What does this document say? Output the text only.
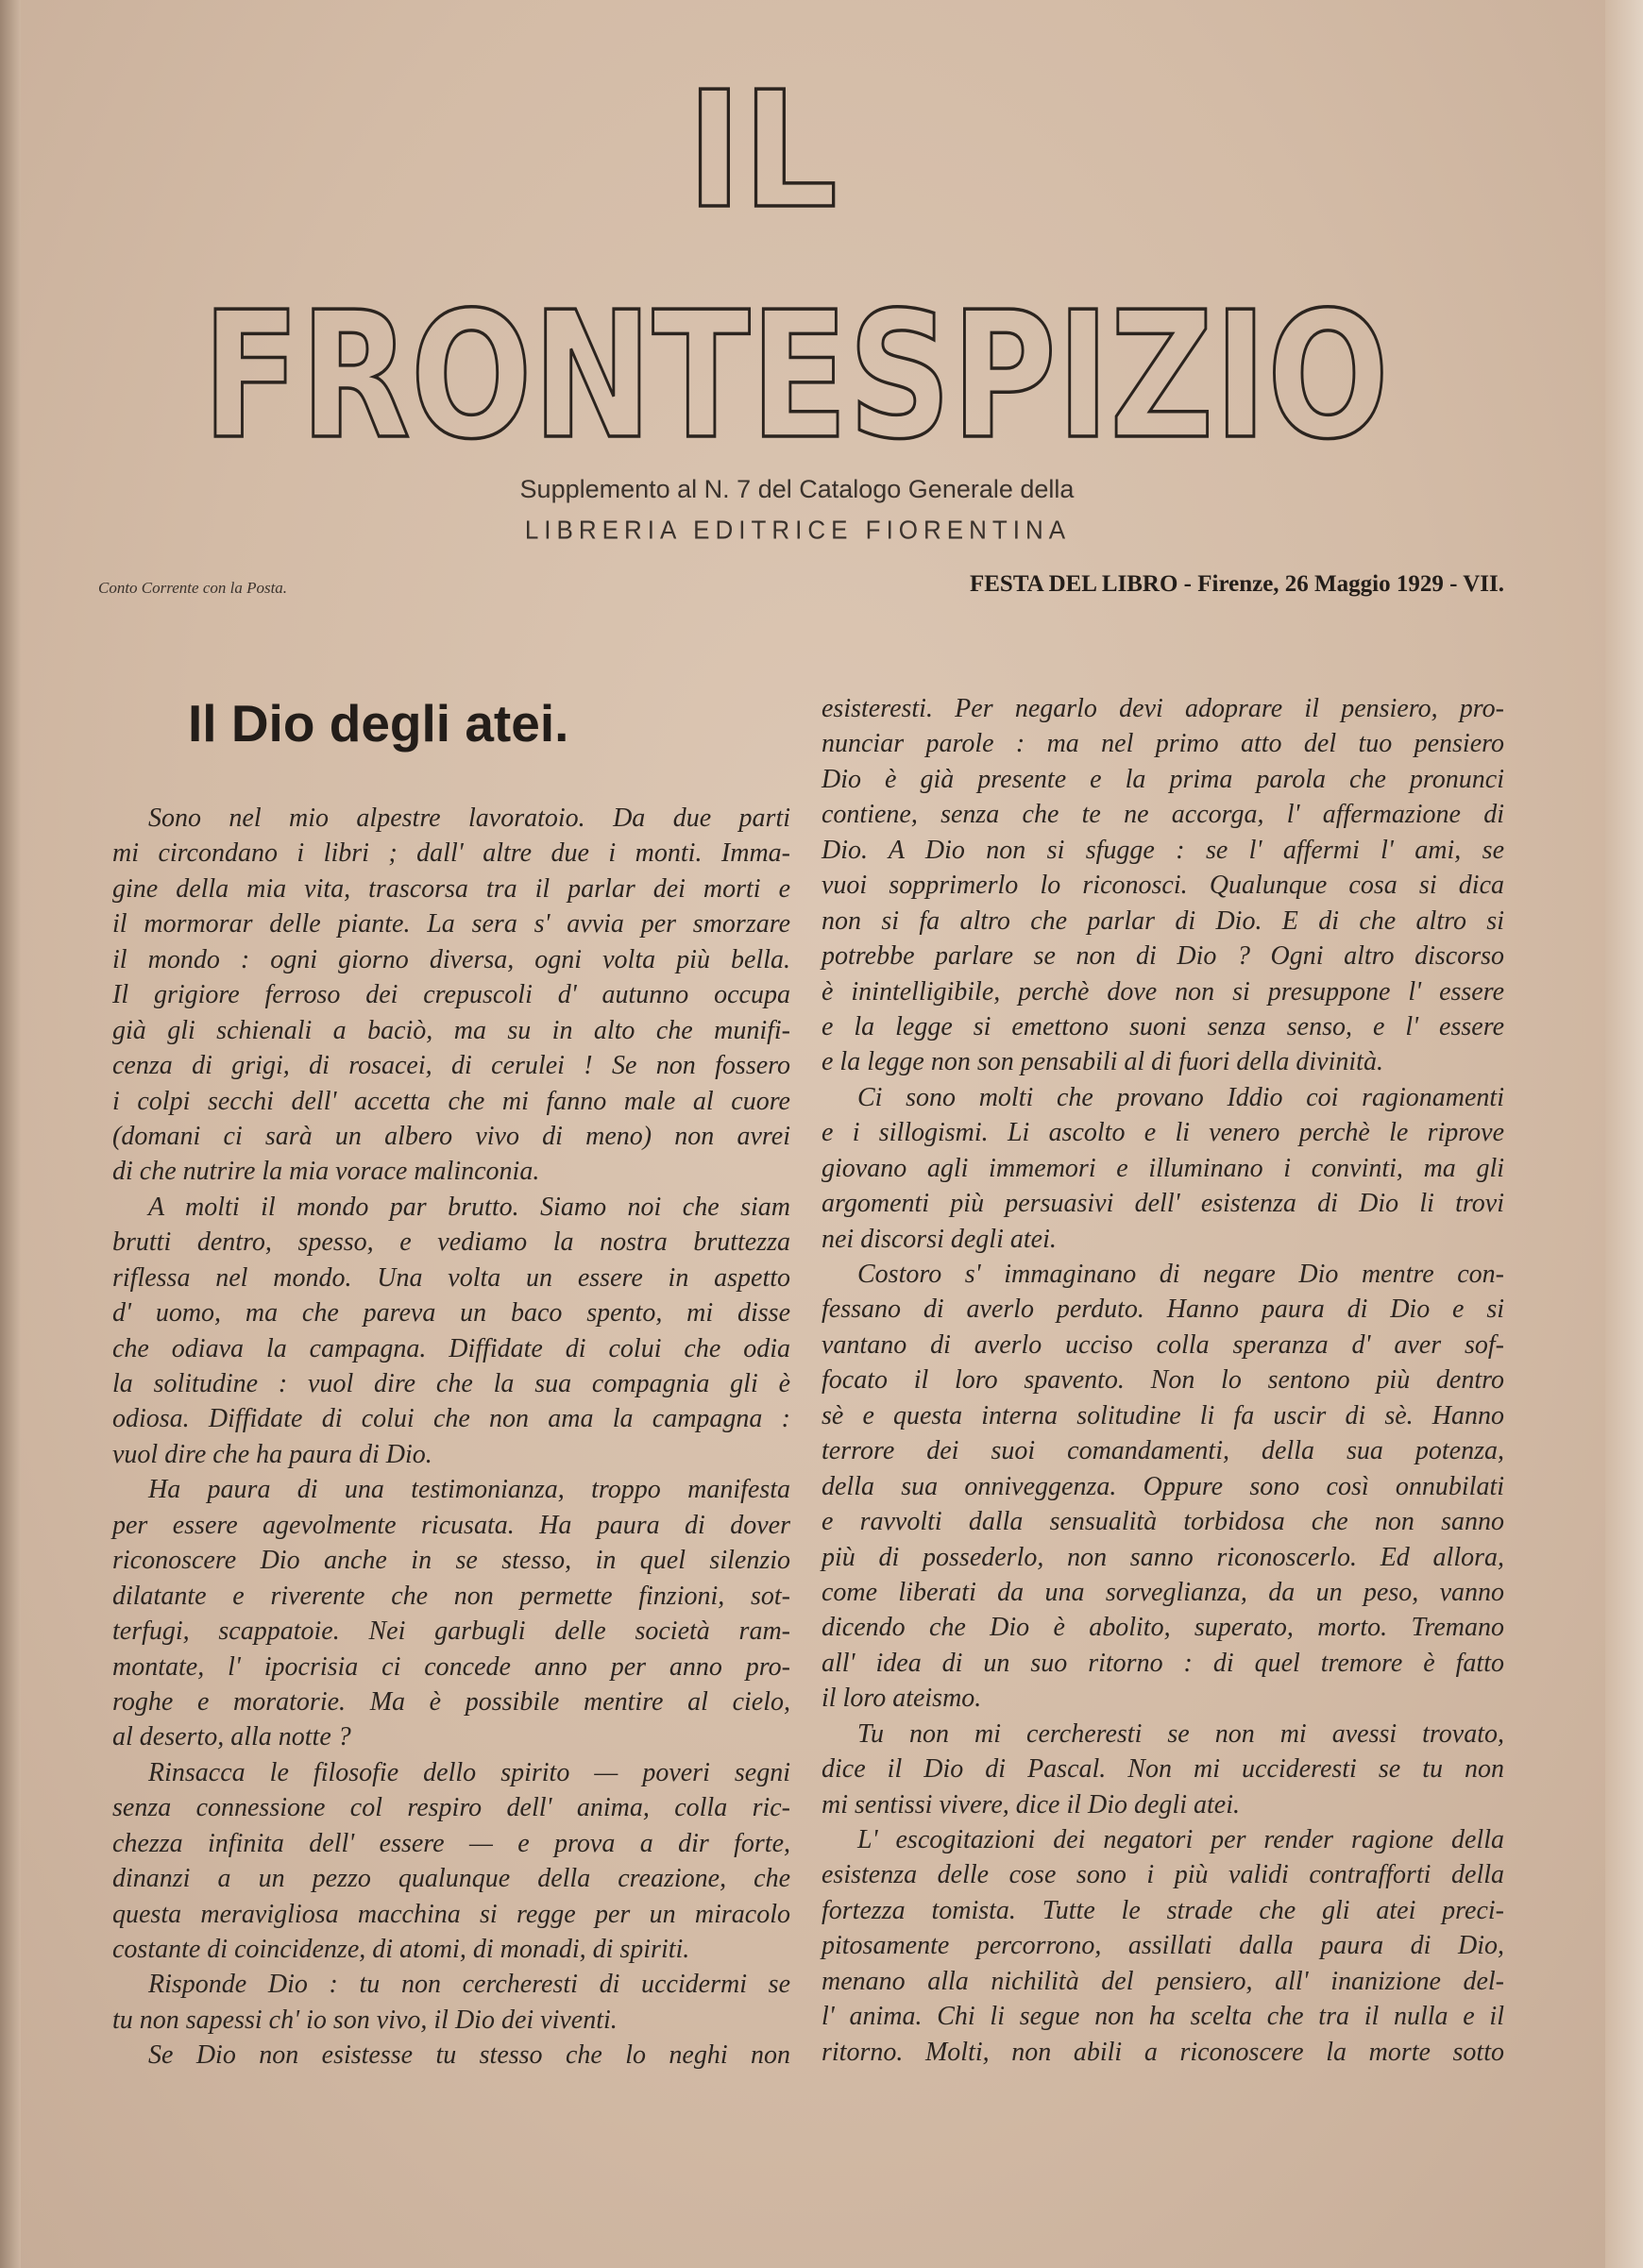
IL
FRONTESPIZIO
Supplemento al N. 7 del Catalogo Generale della
LIBRERIA EDITRICE FIORENTINA
Conto Corrente con la Posta.	FESTA DEL LIBRO - Firenze, 26 Maggio 1929 - VII.
Il Dio degli atei.
Sono nel mio alpestre lavoratoio. Da due parti
mi circondano i libri ; dall' altre due i monti. Imma-
gine della mia vita, trascorsa tra il parlar dei morti e
il mormorar delle piante. La sera s' avvia per smorzare
il mondo : ogni giorno diversa, ogni volta più bella.
Il grigiore ferroso dei crepuscoli d' autunno occupa
già gli schienali a baciò, ma su in alto che munifi-
cenza di grigi, di rosacei, di cerulei ! Se non fossero
i colpi secchi dell' accetta che mi fanno male al cuore
(domani ci sarà un albero vivo di meno) non avrei
di che nutrire la mia vorace malinconia.
A molti il mondo par brutto. Siamo noi che siam
brutti dentro, spesso, e vediamo la nostra bruttezza
riflessa nel mondo. Una volta un essere in aspetto
d' uomo, ma che pareva un baco spento, mi disse
che odiava la campagna. Diffidate di colui che odia
la solitudine : vuol dire che la sua compagnia gli è
odiosa. Diffidate di colui che non ama la campagna :
vuol dire che ha paura di Dio.
Ha paura di una testimonianza, troppo manifesta
per essere agevolmente ricusata. Ha paura di dover
riconoscere Dio anche in se stesso, in quel silenzio
dilatante e riverente che non permette finzioni, sot-
terfugi, scappatoie. Nei garbugli delle società ram-
montate, l' ipocrisia ci concede anno per anno pro-
roghe e moratorie. Ma è possibile mentire al cielo,
al deserto, alla notte ?
Rinsacca le filosofie dello spirito — poveri segni
senza connessione col respiro dell' anima, colla ric-
chezza infinita dell' essere — e prova a dir forte,
dinanzi a un pezzo qualunque della creazione, che
questa meravigliosa macchina si regge per un miracolo
costante di coincidenze, di atomi, di monadi, di spiriti.
Risponde Dio : tu non cercheresti di uccidermi se
tu non sapessi ch' io son vivo, il Dio dei viventi.
Se Dio non esistesse tu stesso che lo neghi non
esisteresti. Per negarlo devi adoprare il pensiero, pro-
nunciar parole : ma nel primo atto del tuo pensiero
Dio è già presente e la prima parola che pronunci
contiene, senza che te ne accorga, l' affermazione di
Dio. A Dio non si sfugge : se l' affermi l' ami, se
vuoi sopprimerlo lo riconosci. Qualunque cosa si dica
non si fa altro che parlar di Dio. E di che altro si
potrebbe parlare se non di Dio ? Ogni altro discorso
è inintelligibile, perchè dove non si presuppone l' essere
e la legge si emettono suoni senza senso, e l' essere
e la legge non son pensabili al di fuori della divinità.
Ci sono molti che provano Iddio coi ragionamenti
e i sillogismi. Li ascolto e li venero perchè le riprove
giovano agli immemori e illuminano i convinti, ma gli
argomenti più persuasivi dell' esistenza di Dio li trovi
nei discorsi degli atei.
Costoro s' immaginano di negare Dio mentre con-
fessano di averlo perduto. Hanno paura di Dio e si
vantano di averlo ucciso colla speranza d' aver sof-
focato il loro spavento. Non lo sentono più dentro
sè e questa interna solitudine li fa uscir di sè. Hanno
terrore dei suoi comandamenti, della sua potenza,
della sua onniveggenza. Oppure sono così onnubilati
e ravvolti dalla sensualità torbidosa che non sanno
più di possederlo, non sanno riconoscerlo. Ed allora,
come liberati da una sorveglianza, da un peso, vanno
dicendo che Dio è abolito, superato, morto. Tremano
all' idea di un suo ritorno : di quel tremore è fatto
il loro ateismo.
Tu non mi cercheresti se non mi avessi trovato,
dice il Dio di Pascal. Non mi uccideresti se tu non
mi sentissi vivere, dice il Dio degli atei.
L' escogitazioni dei negatori per render ragione della
esistenza delle cose sono i più validi contrafforti della
fortezza tomista. Tutte le strade che gli atei preci-
pitosamente percorrono, assillati dalla paura di Dio,
menano alla nichilità del pensiero, all' inanizione del-
l' anima. Chi li segue non ha scelta che tra il nulla e il
ritorno. Molti, non abili a riconoscere la morte sotto
